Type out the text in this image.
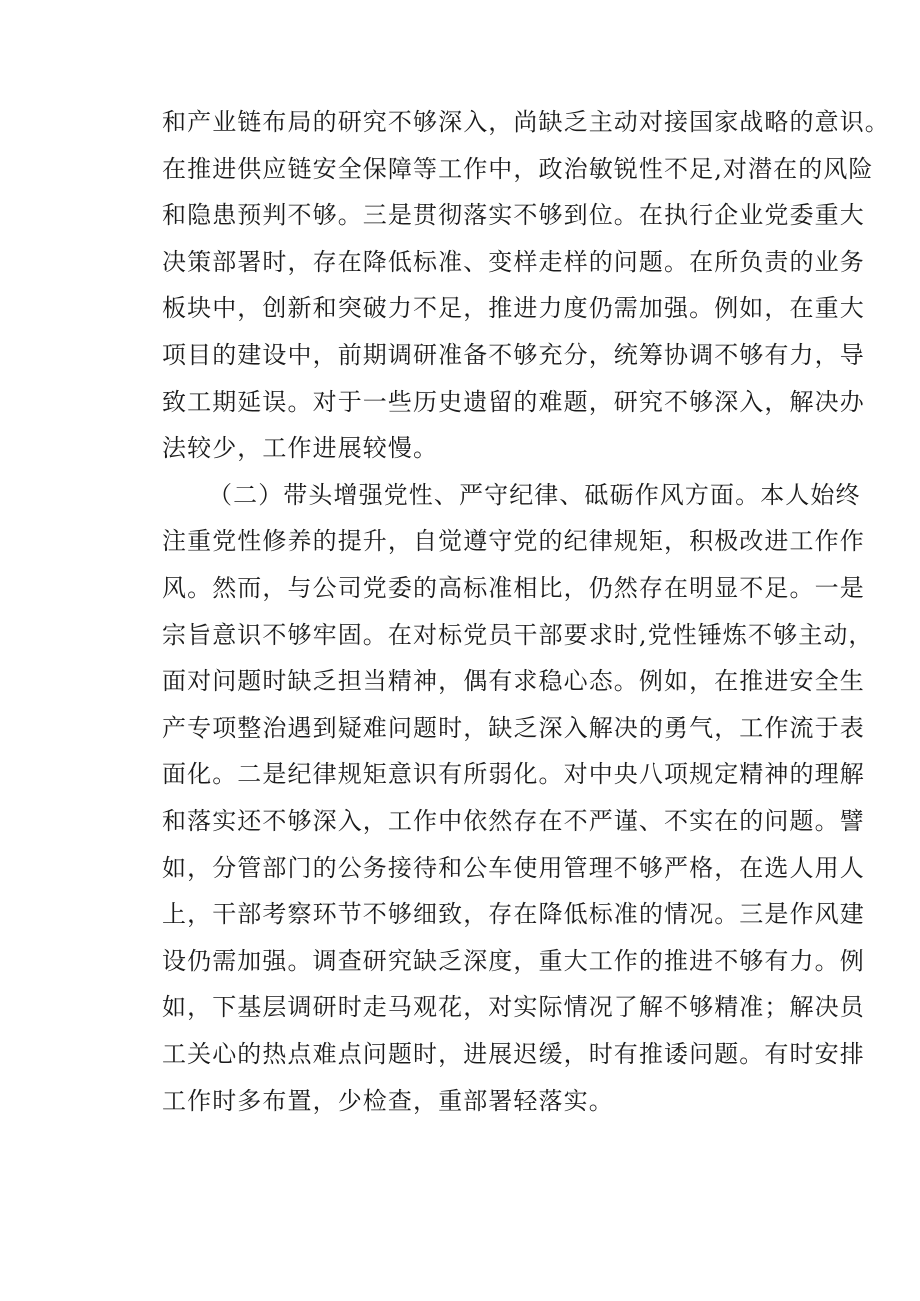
和产业链布局的研究不够深入，尚缺乏主动对接国家战略的意识。
在推进供应链安全保障等工作中，政治敏锐性不足,对潜在的风险
和隐患预判不够。三是贯彻落实不够到位。在执行企业党委重大
决策部署时，存在降低标准、变样走样的问题。在所负责的业务
板块中，创新和突破力不足，推进力度仍需加强。例如，在重大
项目的建设中，前期调研准备不够充分，统筹协调不够有力，导
致工期延误。对于一些历史遗留的难题，研究不够深入，解决办
法较少，工作进展较慢。
（二）带头增强党性、严守纪律、砥砺作风方面。本人始终
注重党性修养的提升，自觉遵守党的纪律规矩，积极改进工作作
风。然而，与公司党委的高标准相比，仍然存在明显不足。一是
宗旨意识不够牢固。在对标党员干部要求时,党性锤炼不够主动，
面对问题时缺乏担当精神，偶有求稳心态。例如，在推进安全生
产专项整治遇到疑难问题时，缺乏深入解决的勇气，工作流于表
面化。二是纪律规矩意识有所弱化。对中央八项规定精神的理解
和落实还不够深入，工作中依然存在不严谨、不实在的问题。譬
如，分管部门的公务接待和公车使用管理不够严格，在选人用人
上，干部考察环节不够细致，存在降低标准的情况。三是作风建
设仍需加强。调查研究缺乏深度，重大工作的推进不够有力。例
如，下基层调研时走马观花，对实际情况了解不够精准；解决员
工关心的热点难点问题时，进展迟缓，时有推诿问题。有时安排
工作时多布置，少检查，重部署轻落实。
